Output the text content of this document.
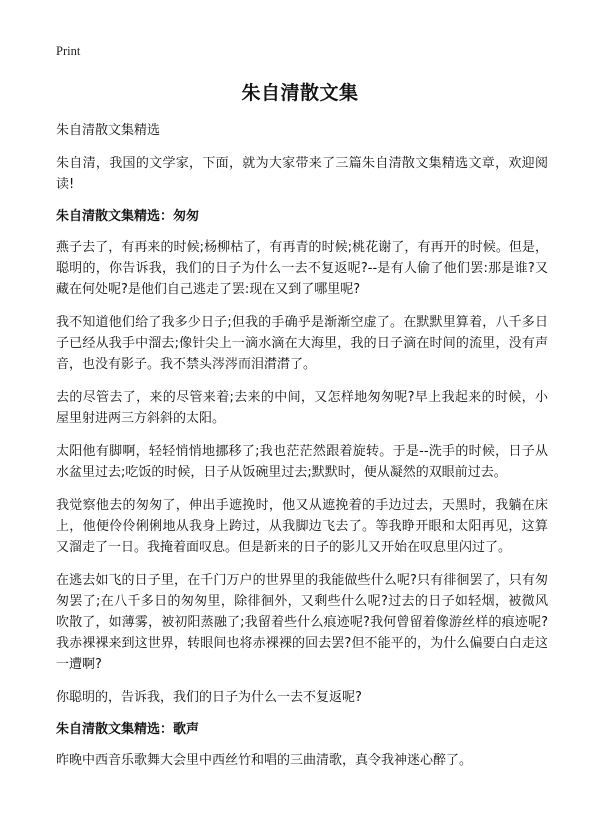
Print
朱自清散文集

朱自清散文集精选

朱自清，我国的文学家，下面，就为大家带来了三篇朱自清散文集精选文章，欢迎阅读!

朱自清散文集精选：匆匆

燕子去了，有再来的时候;杨柳枯了，有再青的时候;桃花谢了，有再开的时候。但是，聪明的，你告诉我，我们的日子为什么一去不复返呢?--是有人偷了他们罢:那是谁?又藏在何处呢?是他们自己逃走了罢:现在又到了哪里呢?

我不知道他们给了我多少日子;但我的手确乎是渐渐空虚了。在默默里算着，八千多日子已经从我手中溜去;像针尖上一滴水滴在大海里，我的日子滴在时间的流里，没有声音，也没有影子。我不禁头涔涔而泪潸潸了。

去的尽管去了，来的尽管来着;去来的中间，又怎样地匆匆呢?早上我起来的时候，小屋里射进两三方斜斜的太阳。

太阳他有脚啊，轻轻悄悄地挪移了;我也茫茫然跟着旋转。于是--洗手的时候，日子从水盆里过去;吃饭的时候，日子从饭碗里过去;默默时，便从凝然的双眼前过去。

我觉察他去的匆匆了，伸出手遮挽时，他又从遮挽着的手边过去，天黑时，我躺在床上，他便伶伶俐俐地从我身上跨过，从我脚边飞去了。等我睁开眼和太阳再见，这算又溜走了一日。我掩着面叹息。但是新来的日子的影儿又开始在叹息里闪过了。

在逃去如飞的日子里，在千门万户的世界里的我能做些什么呢?只有徘徊罢了，只有匆匆罢了;在八千多日的匆匆里，除徘徊外，又剩些什么呢?过去的日子如轻烟，被微风吹散了，如薄雾，被初阳蒸融了;我留着些什么痕迹呢?我何曾留着像游丝样的痕迹呢?我赤裸裸来到这世界，转眼间也将赤裸裸的回去罢?但不能平的，为什么偏要白白走这一遭啊?

你聪明的，告诉我，我们的日子为什么一去不复返呢?

朱自清散文集精选：歌声

昨晚中西音乐歌舞大会里中西丝竹和唱的三曲清歌，真令我神迷心醉了。
